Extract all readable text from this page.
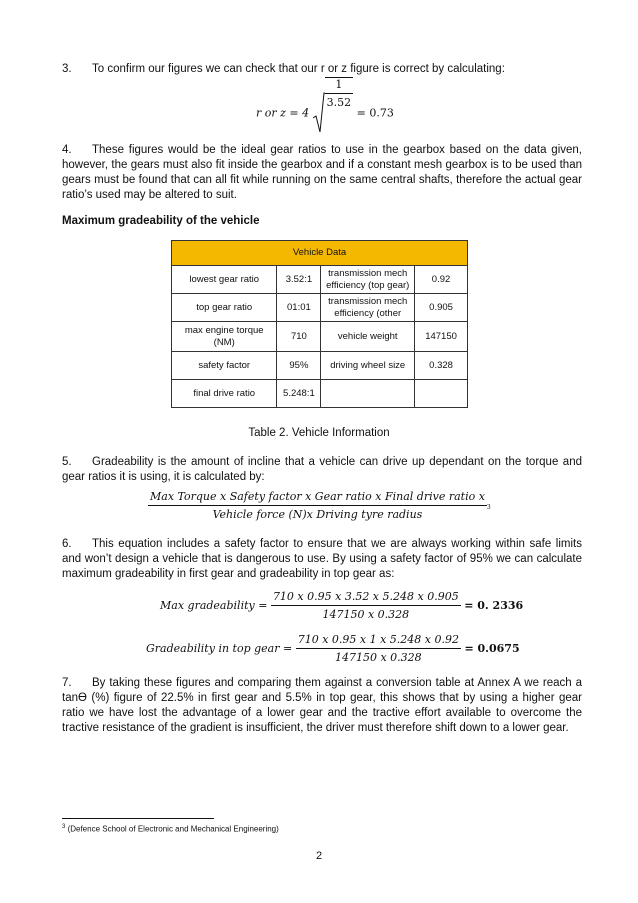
3. To confirm our figures we can check that our r or z figure is correct by calculating:
r or z = 4
$\frac{1}{3.52}$
= 0.73
4. These figures would be the ideal gear ratios to use in the gearbox based on the data given, however, the gears must also fit inside the gearbox and if a constant mesh gearbox is to be used than gears must be found that can all fit while running on the same central shafts, therefore the actual gear ratio’s used may be altered to suit.
Maximum gradeability of the vehicle
Vehicle Data			
lowest gear ratio	3.52:1	transmission mech efficiency (top gear)	0.92
top gear ratio	01:01	transmission mech efficiency (other	0.905
max engine torque (NM)	710	vehicle weight	147150
safety factor	95%	driving wheel size	0.328
final drive ratio	5.248:1		
Table 2. Vehicle Information
5. Gradeability is the amount of incline that a vehicle can drive up dependant on the torque and gear ratios it is using, it is calculated by:
Max Torque x Safety factor x Gear ratio x Final drive ratio x
Vehicle force (N)x Driving tyre radius
$^3$
6. This equation includes a safety factor to ensure that we are always working within safe limits and won’t design a vehicle that is dangerous to use. By using a safety factor of 95% we can calculate maximum gradeability in first gear and gradeability in top gear as:
Max gradeability = $\frac{710 x 0.95 x 3.52 x 5.248 x 0.905}{147150 x 0.328} = 0$. 2336
Gradeability in top gear = $\frac{710 x 0.95 x 1 x 5.248 x 0.92}{147150 x 0.328} = 0.0675$
7. By taking these figures and comparing them against a conversion table at Annex A we reach a tanϴ (%) figure of 22.5% in first gear and 5.5% in top gear, this shows that by using a higher gear ratio we have lost the advantage of a lower gear and the tractive effort available to overcome the tractive resistance of the gradient is insufficient, the driver must therefore shift down to a lower gear.
$^3$ (Defence School of Electronic and Mechanical Engineering)
2
